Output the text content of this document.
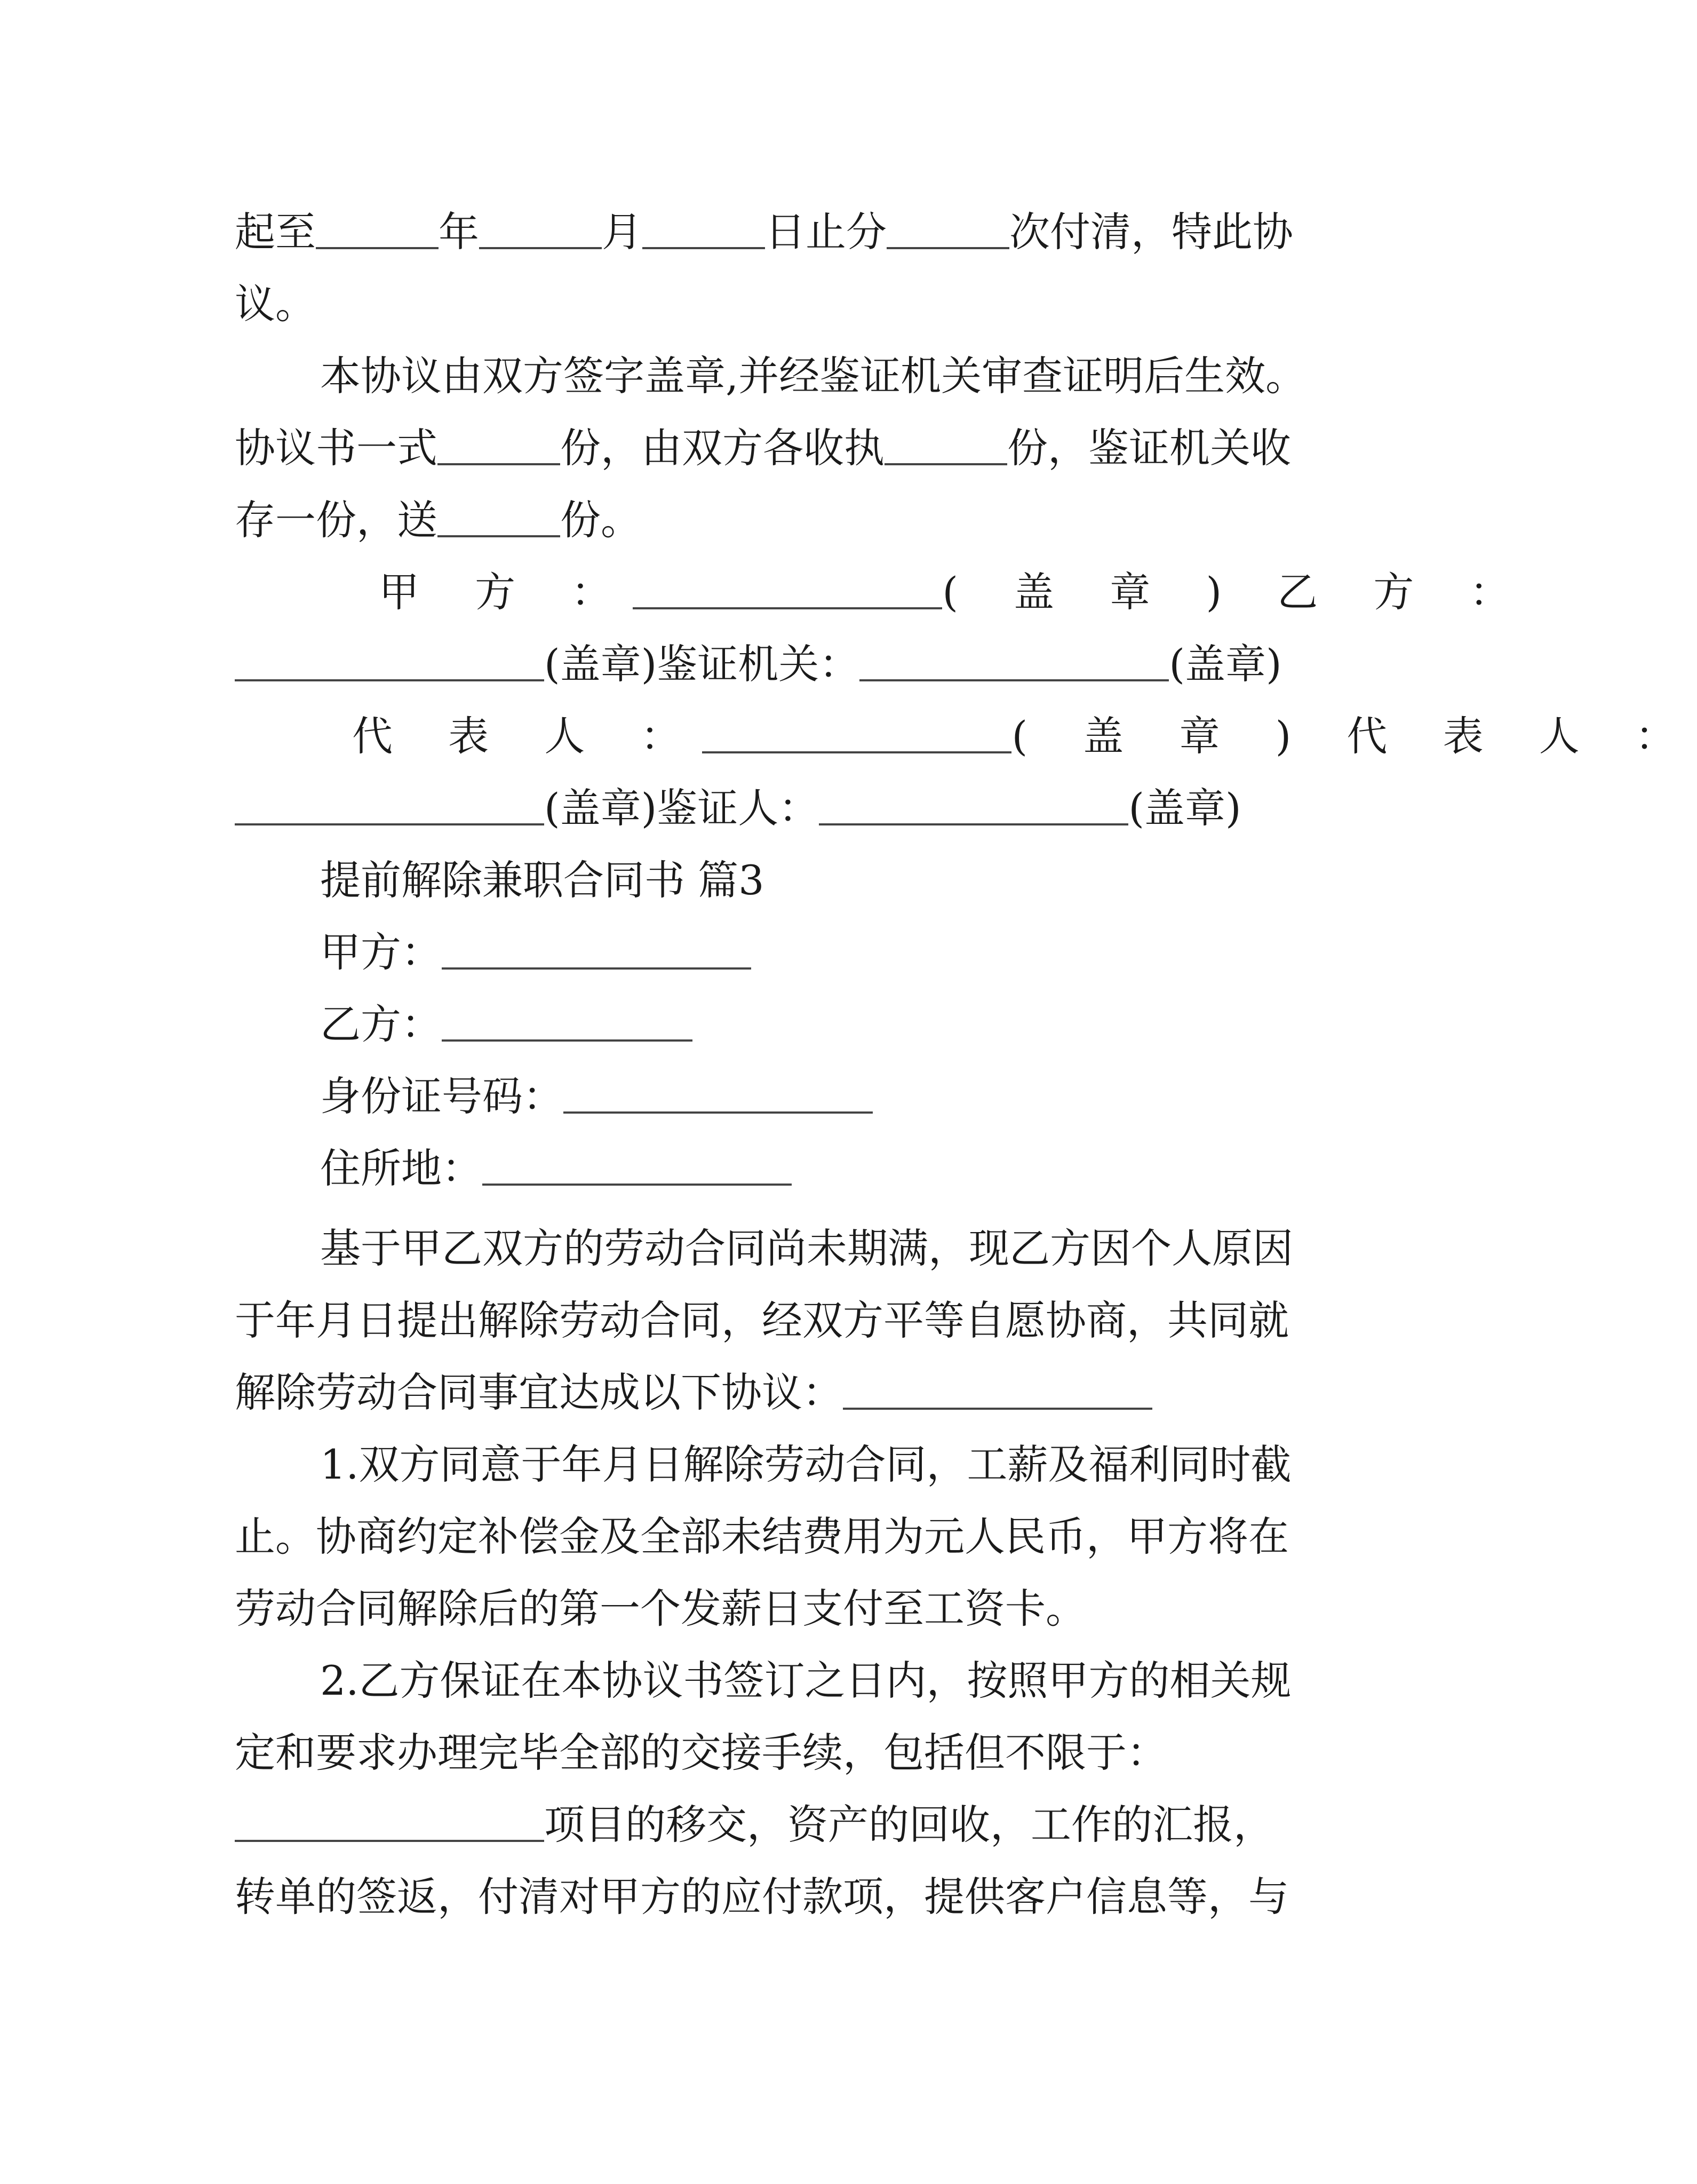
起至	年	月	日止分	次付清，特此协
议。
本协议由双方签字盖章,并经鉴证机关审查证明后生效。
协议书一式	份，由双方各收执	份，鉴证机关收
存一份，送	份。
甲 方 ：	( 盖 章 ) 乙 方 ：
(盖章)鉴证机关：	(盖章)
代 表 人 ：	( 盖 章 ) 代 表 人 ：
(盖章)鉴证人：	(盖章)
提前解除兼职合同书 篇3
甲方：
乙方：
身份证号码：
住所地：
基于甲乙双方的劳动合同尚未期满，现乙方因个人原因
于年月日提出解除劳动合同，经双方平等自愿协商，共同就
解除劳动合同事宜达成以下协议：
1.双方同意于年月日解除劳动合同，工薪及福利同时截
止。协商约定补偿金及全部未结费用为元人民币，甲方将在
劳动合同解除后的第一个发薪日支付至工资卡。
2.乙方保证在本协议书签订之日内，按照甲方的相关规
定和要求办理完毕全部的交接手续，包括但不限于：
项目的移交，资产的回收，工作的汇报，
转单的签返，付清对甲方的应付款项，提供客户信息等，与
